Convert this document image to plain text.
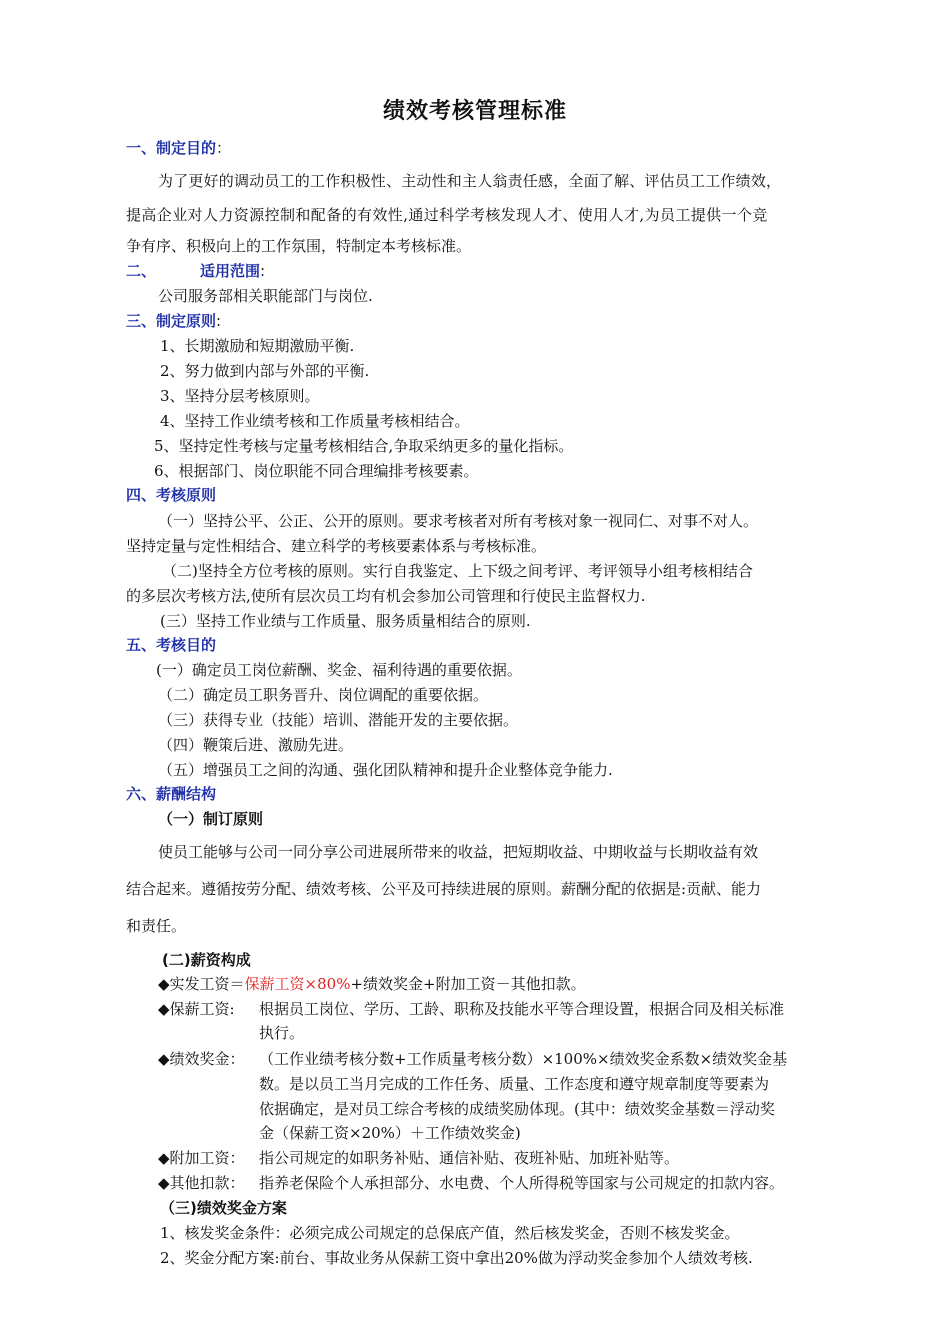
绩效考核管理标准
一、制定目的：
为了更好的调动员工的工作积极性、主动性和主人翁责任感，全面了解、评估员工工作绩效，
提高企业对人力资源控制和配备的有效性,通过科学考核发现人才、使用人才,为员工提供一个竞
争有序、积极向上的工作氛围，特制定本考核标准。
二、	适用范围:
公司服务部相关职能部门与岗位.
三、制定原则:
1、长期激励和短期激励平衡.
2、努力做到内部与外部的平衡.
3、坚持分层考核原则。
4、坚持工作业绩考核和工作质量考核相结合。
5、坚持定性考核与定量考核相结合,争取采纳更多的量化指标。
6、根据部门、岗位职能不同合理编排考核要素。
四、考核原则
（一）坚持公平、公正、公开的原则。要求考核者对所有考核对象一视同仁、对事不对人。
坚持定量与定性相结合、建立科学的考核要素体系与考核标准。
（二)坚持全方位考核的原则。实行自我鉴定、上下级之间考评、考评领导小组考核相结合
的多层次考核方法,使所有层次员工均有机会参加公司管理和行使民主监督权力.
(三）坚持工作业绩与工作质量、服务质量相结合的原则.
五、考核目的
(一）确定员工岗位薪酬、奖金、福利待遇的重要依据。
（二）确定员工职务晋升、岗位调配的重要依据。
（三）获得专业（技能）培训、潜能开发的主要依据。
（四）鞭策后进、激励先进。
（五）增强员工之间的沟通、强化团队精神和提升企业整体竞争能力.
六、薪酬结构
（一）制订原则
使员工能够与公司一同分享公司进展所带来的收益，把短期收益、中期收益与长期收益有效
结合起来。遵循按劳分配、绩效考核、公平及可持续进展的原则。薪酬分配的依据是:贡献、能力
和责任。
(二)薪资构成
◆实发工资＝保薪工资×80%+绩效奖金+附加工资－其他扣款。
◆保薪工资: 根据员工岗位、学历、工龄、职称及技能水平等合理设置，根据合同及相关标准
执行。
◆绩效奖金： （工作业绩考核分数+工作质量考核分数）×100%×绩效奖金系数×绩效奖金基
数。是以员工当月完成的工作任务、质量、工作态度和遵守规章制度等要素为
依据确定，是对员工综合考核的成绩奖励体现。(其中：绩效奖金基数＝浮动奖
金（保薪工资×20%）＋工作绩效奖金)
◆附加工资： 指公司规定的如职务补贴、通信补贴、夜班补贴、加班补贴等。
◆其他扣款： 指养老保险个人承担部分、水电费、个人所得税等国家与公司规定的扣款内容。
（三)绩效奖金方案
1、核发奖金条件：必须完成公司规定的总保底产值，然后核发奖金，否则不核发奖金。
2、奖金分配方案:前台、事故业务从保薪工资中拿出20%做为浮动奖金参加个人绩效考核.
